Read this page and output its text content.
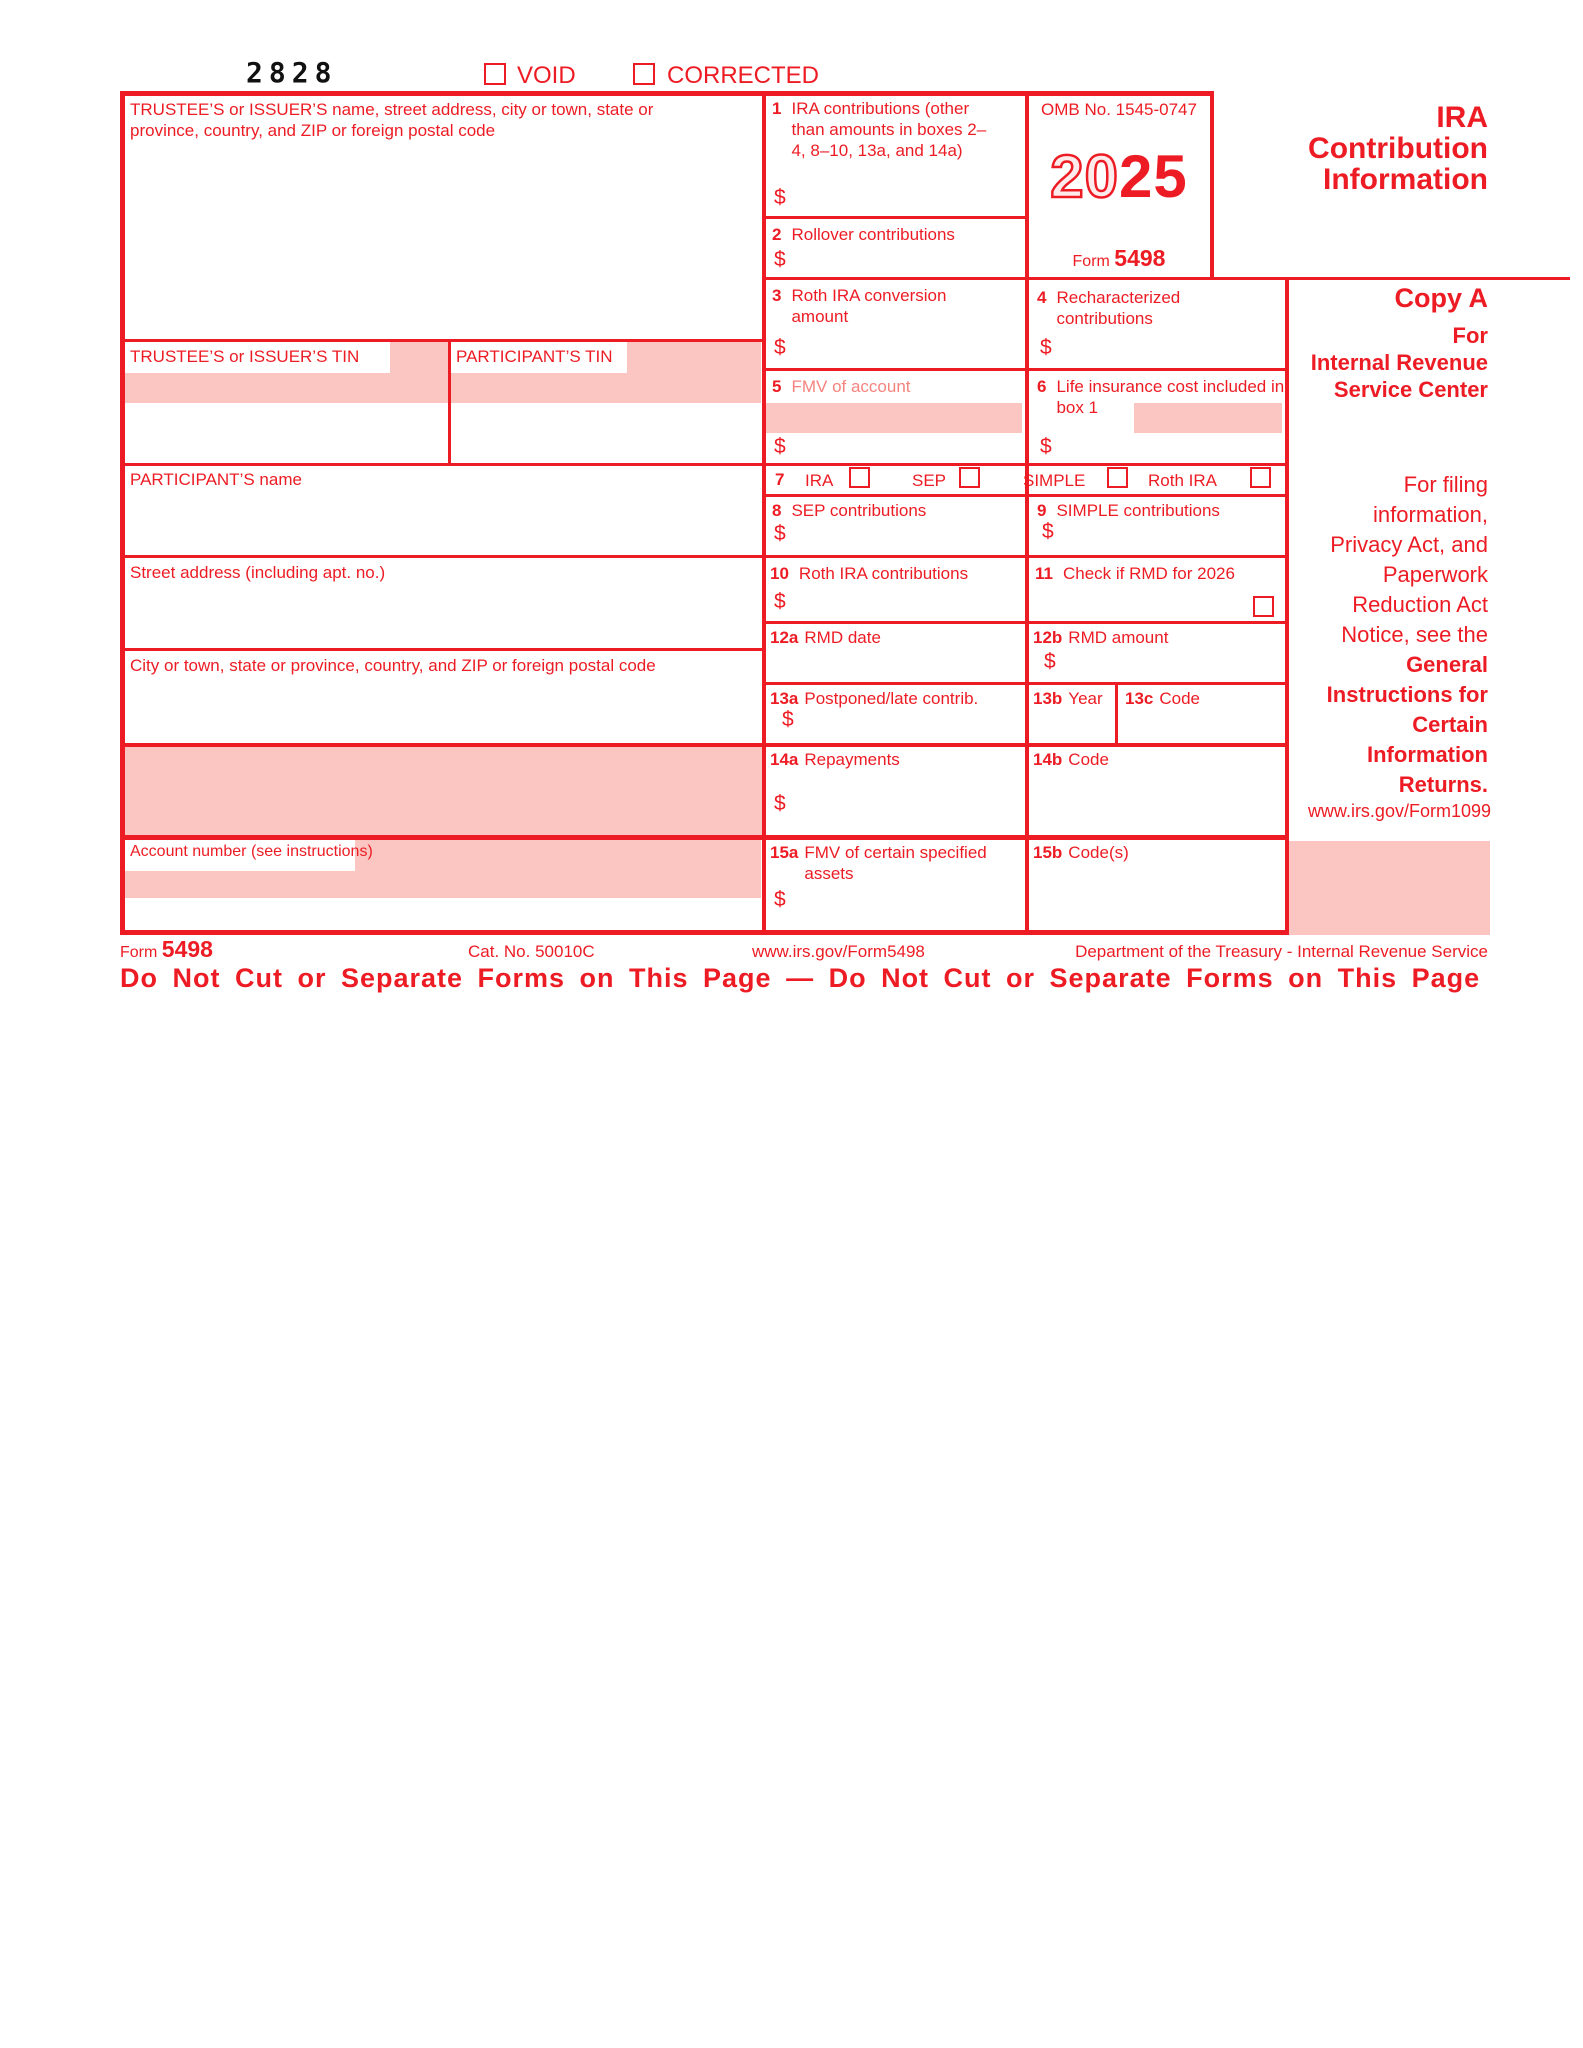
2828	VOID	CORRECTED
TRUSTEE’S or ISSUER’S name, street address, city or town, state or province, country, and ZIP or foreign postal code
TRUSTEE’S or ISSUER’S TIN	PARTICIPANT’S TIN
PARTICIPANT’S name
Street address (including apt. no.)
City or town, state or province, country, and ZIP or foreign postal code
Account number (see instructions)
1 IRA contributions (other than amounts in boxes 2–4, 8–10, 13a, and 14a)
$
OMB No. 1545-0747
2025
Form 5498
2 Rollover contributions
$
3 Roth IRA conversion amount
$
4 Recharacterized contributions
$
5 FMV of account
$
6 Life insurance cost included in box 1
$
7 IRA	SEP	SIMPLE	Roth IRA
8 SEP contributions
$
9 SIMPLE contributions
$
10 Roth IRA contributions
$
11 Check if RMD for 2026
12a RMD date	12b RMD amount
$
13a Postponed/late contrib.
$
13b Year 13c Code
14a Repayments
$
14b Code
15a FMV of certain specified assets
$
15b Code(s)
IRA
Contribution
Information
Copy A
For
Internal Revenue
Service Center
For filing
information,
Privacy Act, and
Paperwork
Reduction Act
Notice, see the
General
Instructions for
Certain
Information
Returns.
www.irs.gov/Form1099
Form 5498	Cat. No. 50010C	www.irs.gov/Form5498	Department of the Treasury - Internal Revenue Service
Do Not Cut or Separate Forms on This Page — Do Not Cut or Separate Forms on This Page
